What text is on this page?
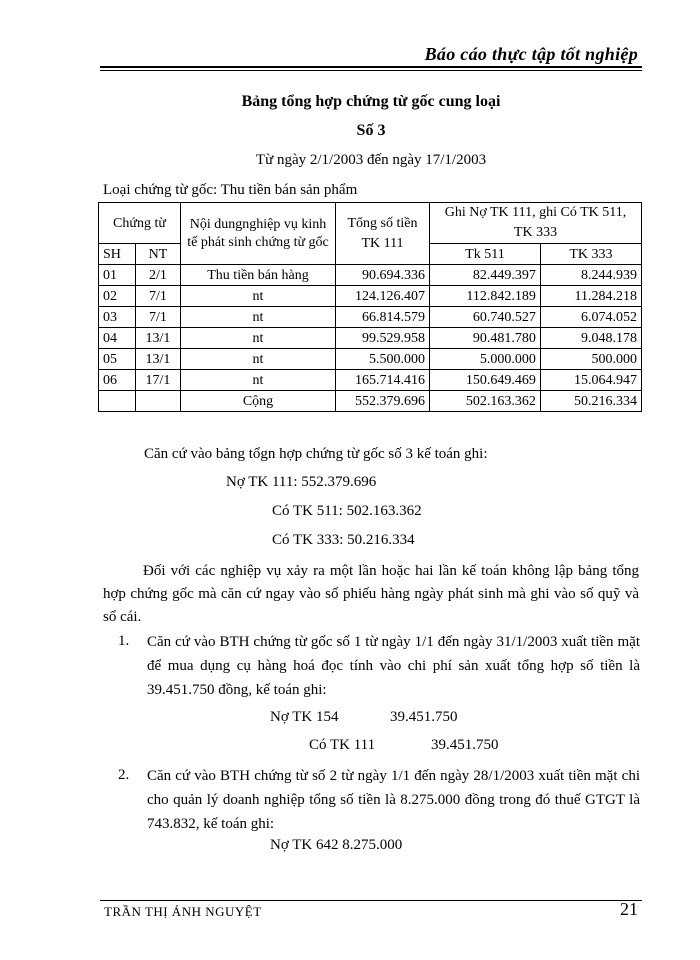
Báo cáo thực tập tốt nghiệp
Bảng tổng hợp chứng từ gốc cung loại
Số 3
Từ ngày 2/1/2003 đến ngày 17/1/2003
Loại chứng từ gốc: Thu tiền bán sản phẩm
Chứng từ		Nội dungnghiệp vụ kinh tế phát sinh chứng từ gốc	Tổng số tiền TK 111	Ghi Nợ TK 111, ghi Có TK 511, TK 333	
SH	NT			Tk 511	TK 333
01	2/1	Thu tiền bán hàng	90.694.336	82.449.397	8.244.939
02	7/1	nt	124.126.407	112.842.189	11.284.218
03	7/1	nt	66.814.579	60.740.527	6.074.052
04	13/1	nt	99.529.958	90.481.780	9.048.178
05	13/1	nt	5.500.000	5.000.000	500.000
06	17/1	nt	165.714.416	150.649.469	15.064.947
		Cộng	552.379.696	502.163.362	50.216.334
Căn cứ vào bảng tổgn hợp chứng từ gốc số 3 kế toán ghi:
Nợ TK 111: 552.379.696
Có TK 511: 502.163.362
Có TK 333: 50.216.334
Đối với các nghiệp vụ xảy ra một lần hoặc hai lần kế toán không lập bảng tổng hợp chứng gốc mà căn cứ ngay vào số phiếu hàng ngày phát sinh mà ghi vào số quỹ và sổ cái.
1. Căn cứ vào BTH chứng từ gốc số 1 từ ngày 1/1 đến ngày 31/1/2003 xuất tiền mặt để mua dụng cụ hàng hoá đọc tính vào chi phí sản xuất tổng hợp số tiền là 39.451.750 đồng, kế toán ghi:
Nợ TK 154	39.451.750
Có TK 111	39.451.750
2. Căn cứ vào BTH chứng từ số 2 từ ngày 1/1 đến ngày 28/1/2003 xuất tiền mặt chi cho quản lý doanh nghiệp tổng số tiền là 8.275.000 đồng trong đó thuế GTGT là 743.832, kế toán ghi:
Nợ TK 642 8.275.000
TRẦN THỊ ÁNH NGUYỆT	21
